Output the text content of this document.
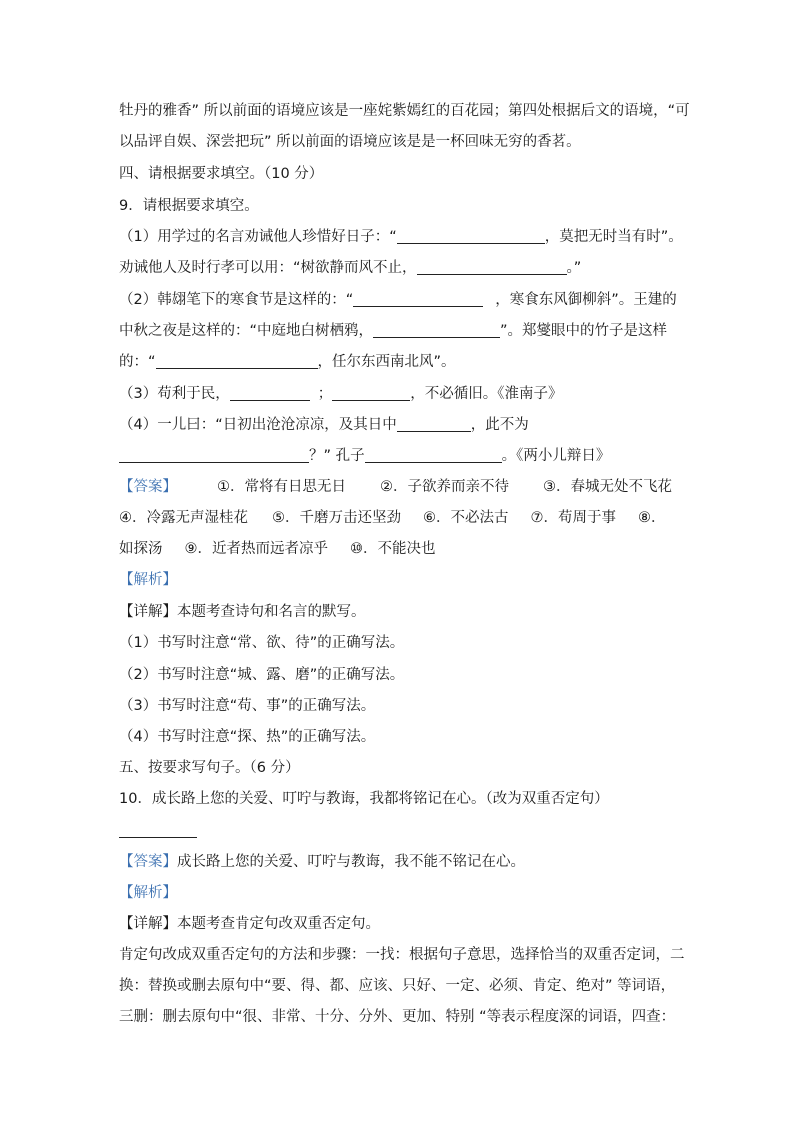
牡丹的雅香” 所以前面的语境应该是一座姹紫嫣红的百花园；第四处根据后文的语境，“可
以品评自娱、深尝把玩” 所以前面的语境应该是是一杯回味无穷的香茗。
四、请根据要求填空。（10 分）
9．请根据要求填空。
（1）用学过的名言劝诫他人珍惜好日子：“	，莫把无时当有时”。
劝诫他人及时行孝可以用：“树欲静而风不止，	。”
（2）韩翃笔下的寒食节是这样的：“	，寒食东风御柳斜”。王建的
中秋之夜是这样的：“中庭地白树栖鸦，	”。郑燮眼中的竹子是这样
的：“	，任尔东西南北风”。
（3）苟利于民，	；	，不必循旧。《淮南子》
（4）一儿曰：“日初出沧沧凉凉，及其日中	，此不为
？” 孔子	。《两小儿辩日》
【答案】	①．常将有日思无日 ②．子欲养而亲不待 ③．春城无处不飞花
④．冷露无声湿桂花 ⑤．千磨万击还坚劲 ⑥．不必法古 ⑦．苟周于事 ⑧．
如探汤 ⑨．近者热而远者凉乎 ⑩．不能决也
【解析】
【详解】本题考查诗句和名言的默写。
（1）书写时注意“常、欲、待”的正确写法。
（2）书写时注意“城、露、磨”的正确写法。
（3）书写时注意“苟、事”的正确写法。
（4）书写时注意“探、热”的正确写法。
五、按要求写句子。（6 分）
10．成长路上您的关爱、叮咛与教诲，我都将铭记在心。（改为双重否定句）
【答案】成长路上您的关爱、叮咛与教诲，我不能不铭记在心。
【解析】
【详解】本题考查肯定句改双重否定句。
肯定句改成双重否定句的方法和步骤：一找：根据句子意思，选择恰当的双重否定词，二
换：替换或删去原句中“要、得、都、应该、只好、一定、必须、肯定、绝对” 等词语，
三删：删去原句中“很、非常、十分、分外、更加、特别 “等表示程度深的词语，四查：
